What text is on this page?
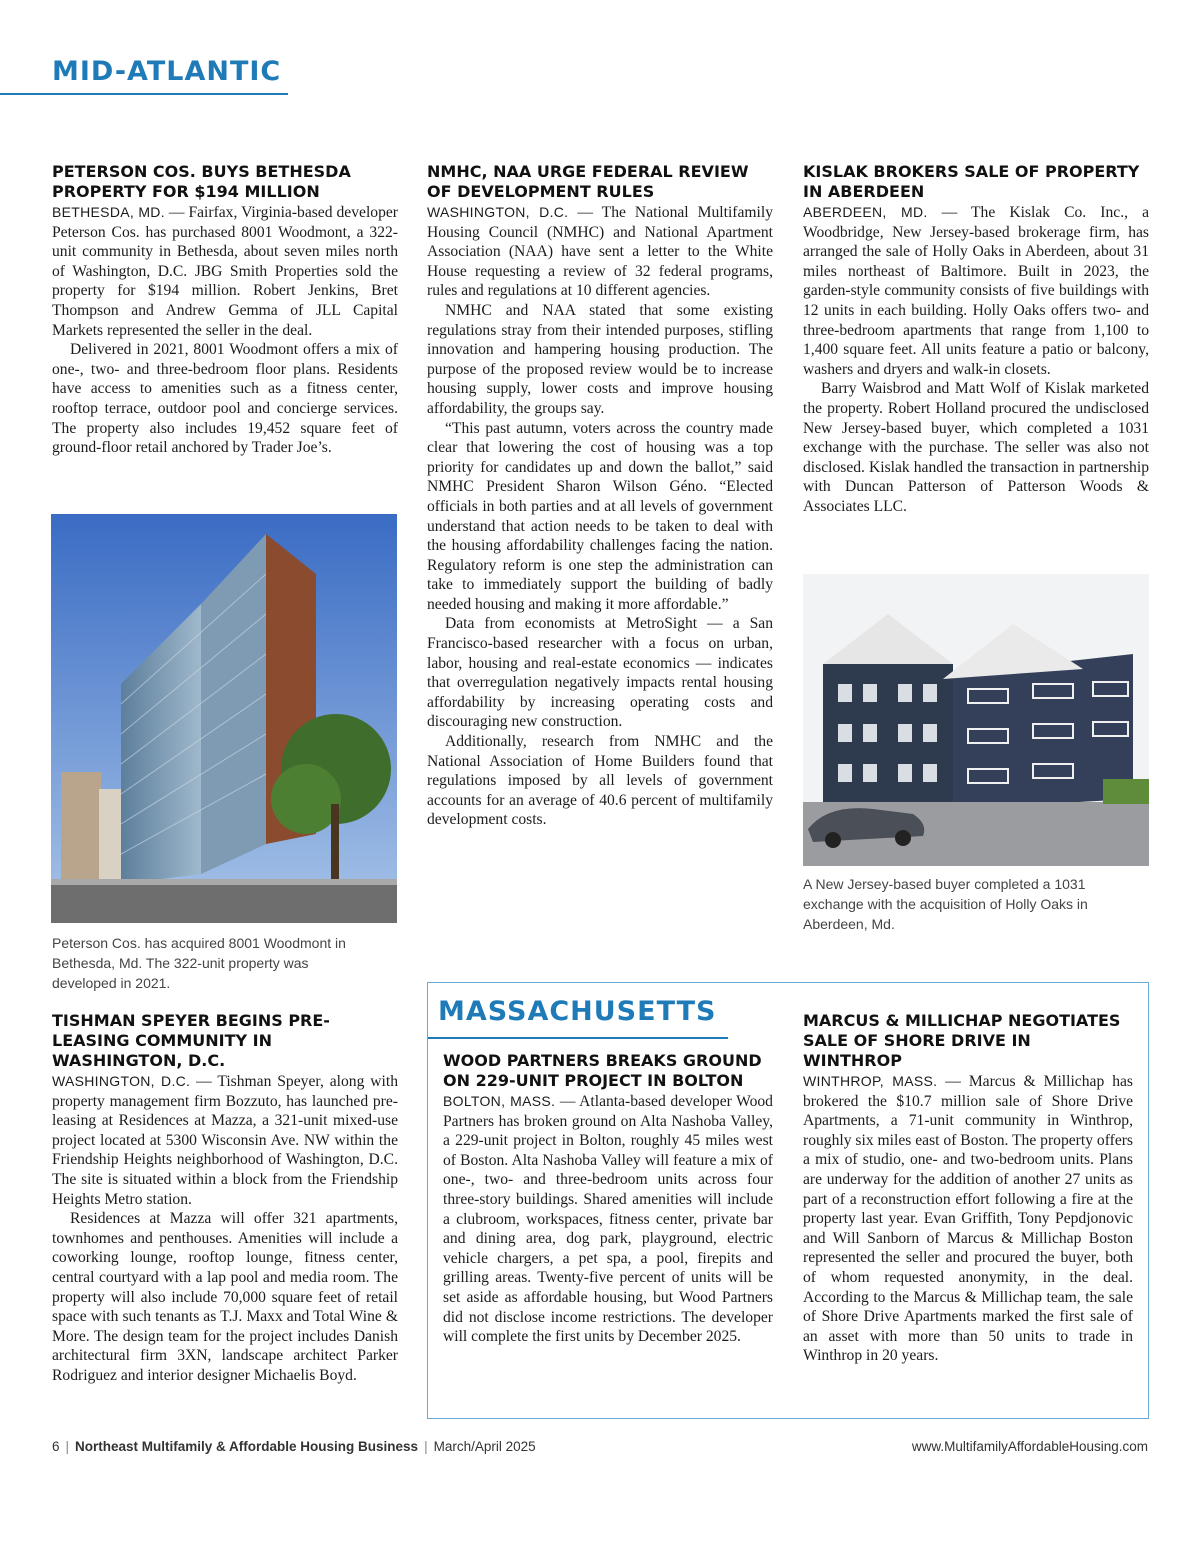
MID-ATLANTIC
PETERSON COS. BUYS BETHESDA PROPERTY FOR $194 MILLION

BETHESDA, MD. — Fairfax, Virginia-based developer Peterson Cos. has purchased 8001 Woodmont, a 322-unit community in Bethesda, about seven miles north of Washington, D.C. JBG Smith Properties sold the property for $194 million. Robert Jenkins, Bret Thompson and Andrew Gemma of JLL Capital Markets represented the seller in the deal.

Delivered in 2021, 8001 Woodmont offers a mix of one-, two- and three-bedroom floor plans. Residents have access to amenities such as a fitness center, rooftop terrace, outdoor pool and concierge services. The property also includes 19,452 square feet of ground-floor retail anchored by Trader Joe’s.

Peterson Cos. has acquired 8001 Woodmont in Bethesda, Md. The 322-unit property was developed in 2021.
NMHC, NAA URGE FEDERAL REVIEW OF DEVELOPMENT RULES

WASHINGTON, D.C. — The National Multifamily Housing Council (NMHC) and National Apartment Association (NAA) have sent a letter to the White House requesting a review of 32 federal programs, rules and regulations at 10 different agencies.

NMHC and NAA stated that some existing regulations stray from their intended purposes, stifling innovation and hampering housing production. The purpose of the proposed review would be to increase housing supply, lower costs and improve housing affordability, the groups say.

“This past autumn, voters across the country made clear that lowering the cost of housing was a top priority for candidates up and down the ballot,” said NMHC President Sharon Wilson Géno. “Elected officials in both parties and at all levels of government understand that action needs to be taken to deal with the housing affordability challenges facing the nation. Regulatory reform is one step the administration can take to immediately support the building of badly needed housing and making it more affordable.”

Data from economists at MetroSight — a San Francisco-based researcher with a focus on urban, labor, housing and real-estate economics — indicates that overregulation negatively impacts rental housing affordability by increasing operating costs and discouraging new construction.

Additionally, research from NMHC and the National Association of Home Builders found that regulations imposed by all levels of government accounts for an average of 40.6 percent of multifamily development costs.

KISLAK BROKERS SALE OF PROPERTY IN ABERDEEN

ABERDEEN, MD. — The Kislak Co. Inc., a Woodbridge, New Jersey-based brokerage firm, has arranged the sale of Holly Oaks in Aberdeen, about 31 miles northeast of Baltimore. Built in 2023, the garden-style community consists of five buildings with 12 units in each building. Holly Oaks offers two- and three-bedroom apartments that range from 1,100 to 1,400 square feet. All units feature a patio or balcony, washers and dryers and walk-in closets.

Barry Waisbrod and Matt Wolf of Kislak marketed the property. Robert Holland procured the undisclosed New Jersey-based buyer, which completed a 1031 exchange with the purchase. The seller was also not disclosed. Kislak handled the transaction in partnership with Duncan Patterson of Patterson Woods & Associates LLC.

A New Jersey-based buyer completed a 1031 exchange with the acquisition of Holly Oaks in Aberdeen, Md.
TISHMAN SPEYER BEGINS PRE-LEASING COMMUNITY IN WASHINGTON, D.C.

WASHINGTON, D.C. — Tishman Speyer, along with property management firm Bozzuto, has launched pre-leasing at Residences at Mazza, a 321-unit mixed-use project located at 5300 Wisconsin Ave. NW within the Friendship Heights neighborhood of Washington, D.C. The site is situated within a block from the Friendship Heights Metro station.

Residences at Mazza will offer 321 apartments, townhomes and penthouses. Amenities will include a coworking lounge, rooftop lounge, fitness center, central courtyard with a lap pool and media room. The property will also include 70,000 square feet of retail space with such tenants as T.J. Maxx and Total Wine & More. The design team for the project includes Danish architectural firm 3XN, landscape architect Parker Rodriguez and interior designer Michaelis Boyd.

MASSACHUSETTS
WOOD PARTNERS BREAKS GROUND ON 229-UNIT PROJECT IN BOLTON

BOLTON, MASS. — Atlanta-based developer Wood Partners has broken ground on Alta Nashoba Valley, a 229-unit project in Bolton, roughly 45 miles west of Boston. Alta Nashoba Valley will feature a mix of one-, two- and three-bedroom units across four three-story buildings. Shared amenities will include a clubroom, workspaces, fitness center, private bar and dining area, dog park, playground, electric vehicle chargers, a pet spa, a pool, firepits and grilling areas. Twenty-five percent of units will be set aside as affordable housing, but Wood Partners did not disclose income restrictions. The developer will complete the first units by December 2025.

MARCUS & MILLICHAP NEGOTIATES SALE OF SHORE DRIVE IN WINTHROP

WINTHROP, MASS. — Marcus & Millichap has brokered the $10.7 million sale of Shore Drive Apartments, a 71-unit community in Winthrop, roughly six miles east of Boston. The property offers a mix of studio, one- and two-bedroom units. Plans are underway for the addition of another 27 units as part of a reconstruction effort following a fire at the property last year. Evan Griffith, Tony Pepdjonovic and Will Sanborn of Marcus & Millichap Boston represented the seller and procured the buyer, both of whom requested anonymity, in the deal. According to the Marcus & Millichap team, the sale of Shore Drive Apartments marked the first sale of an asset with more than 50 units to trade in Winthrop in 20 years.

6 | Northeast Multifamily & Affordable Housing Business | March/April 2025	www.MultifamilyAffordableHousing.com
